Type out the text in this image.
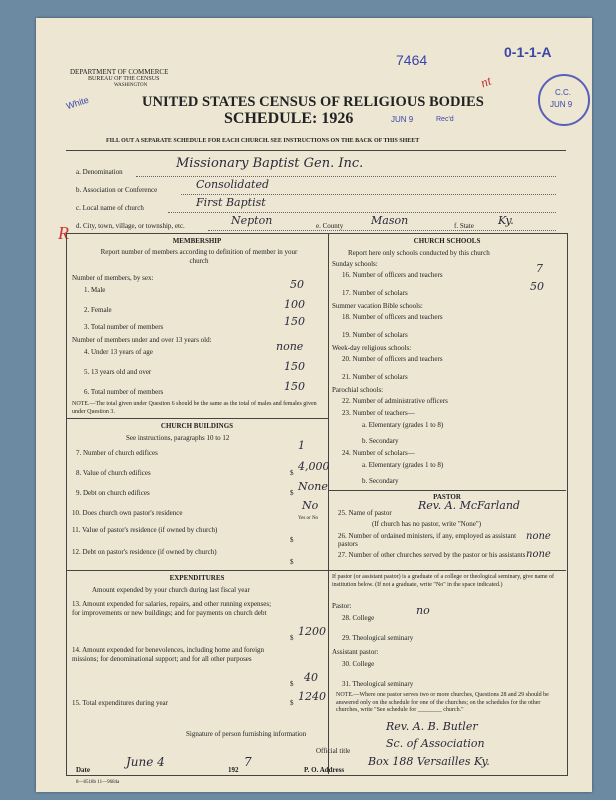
DEPARTMENT OF COMMERCE
BUREAU OF THE CENSUS
WASHINGTON
7464	0-1-1-A
nt
C.C.
JUN 9
White	UNITED STATES CENSUS OF RELIGIOUS BODIES
SCHEDULE: 1926	JUN 9	Rec'd
FILL OUT A SEPARATE SCHEDULE FOR EACH CHURCH. SEE INSTRUCTIONS ON THE BACK OF THIS SHEET
a. Denomination
Missionary Baptist Gen. Inc.
b. Association or Conference	Consolidated
c. Local name of church	First Baptist
d. City, town, village, or township, etc.	Nepton	e. County	Mason	f. State Ky.
R	MEMBERSHIP
Report number of members according to definition of member in your church
Number of members, by sex:
1. Male	50
2. Female	100
3. Total number of members	150
Number of members under and over 13 years old:
4. Under 13 years of age	none
5. 13 years old and over	150
6. Total number of members	150
NOTE.—The total given under Question 6 should be the same as the total of males and females given under Question 3.
CHURCH BUILDINGS
See instructions, paragraphs 10 to 12
7. Number of church edifices
1
8. Value of church edifices	$ 4,000
9. Debt on church edifices	$ None
10. Does church own pastor's residence
No
Yes or No
11. Value of pastor's residence (if owned by church)
$
12. Debt on pastor's residence (if owned by church)
$
EXPENDITURES
Amount expended by your church during last fiscal year
13. Amount expended for salaries, repairs, and other running expenses; for improvements or new buildings; and for payments on church debt
$ 1200
14. Amount expended for benevolences, including home and foreign missions; for denominational support; and for all other purposes
$ 40
15. Total expenditures during year	$ 1240
CHURCH SCHOOLS
Report here only schools conducted by this church
Sunday schools:
16. Number of officers and teachers	7
17. Number of scholars	50
Summer vacation Bible schools:
18. Number of officers and teachers
19. Number of scholars
Week-day religious schools:
20. Number of officers and teachers
21. Number of scholars
Parochial schools:
22. Number of administrative officers
23. Number of teachers—
a. Elementary (grades 1 to 8)
b. Secondary
24. Number of scholars—
a. Elementary (grades 1 to 8)
b. Secondary
PASTOR
25. Name of pastor
Rev. A. McFarland
(If church has no pastor, write "None")
26. Number of ordained ministers, if any, employed as assistant pastors
none
27. Number of other churches served by the pastor or his assistants none
If pastor (or assistant pastor) is a graduate of a college or theological seminary, give name of institution below. (If not a graduate, write "No" in the space indicated.)
Pastor:
28. College
no
29. Theological seminary
Assistant pastor:
30. College
31. Theological seminary
NOTE.—Where one pastor serves two or more churches, Questions 28 and 29 should be answered only on the schedule for one of the churches; on the schedules for the other churches, write "See schedule for ________ church."
Signature of person furnishing information
Rev. A. B. Butler
Official title
Sc. of Association
Date
June 4
192
7
P. O. Address
Box 188 Versailles Ky.
8—8518b 11—9684a
